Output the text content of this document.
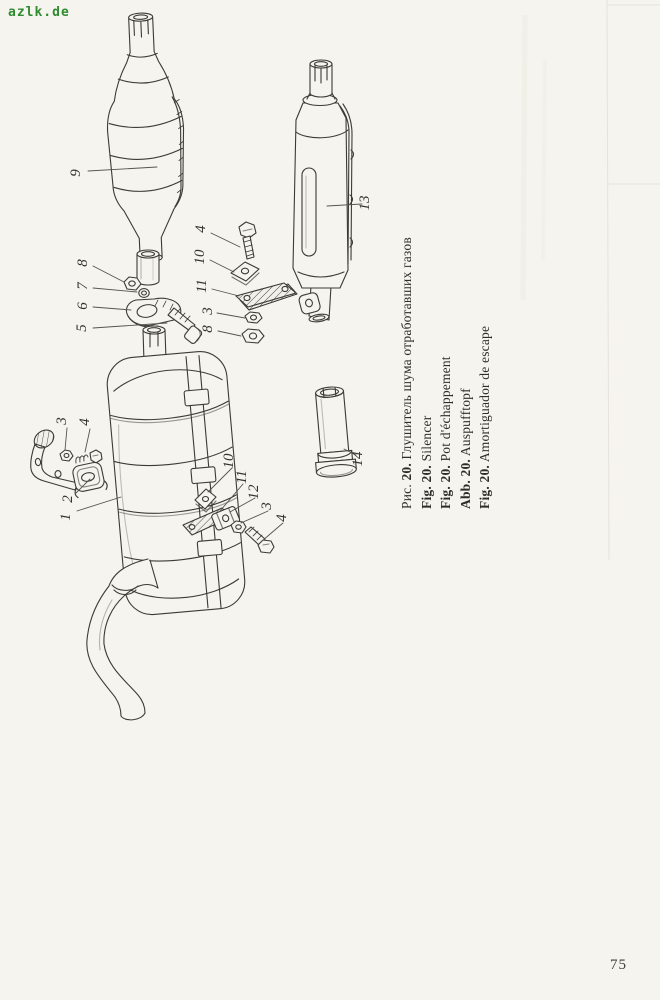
azlk.de
9
4
10
11
3
8
8
7
6
5
13
3 4
2
1
10
11
12
3
4
14
Рис. 20. Глушитель шума отработавших газов
Fig. 20. Silencer
Fig. 20. Pot d'échappement
Abb. 20. Auspufftopf
Fig. 20. Amortiguador de escape
75
